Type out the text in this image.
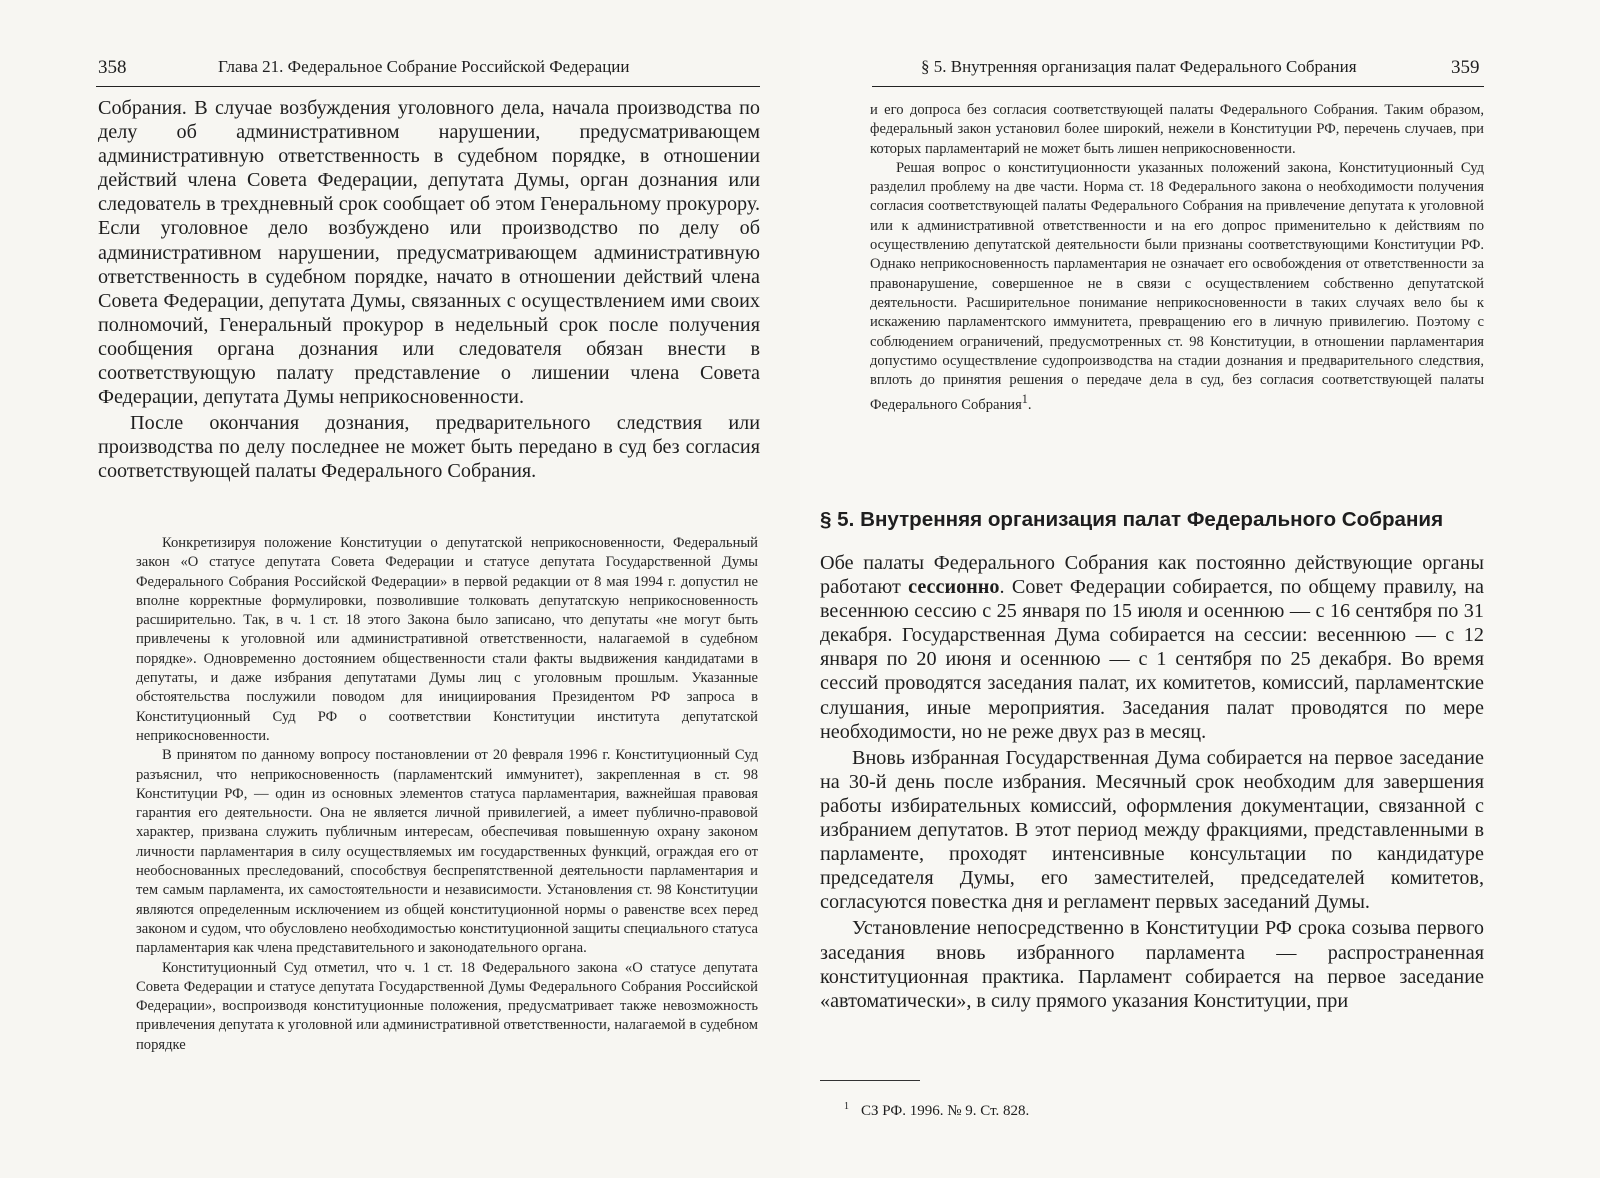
358	Глава 21. Федеральное Собрание Российской Федерации

Собрания. В случае возбуждения уголовного дела, начала производства по делу об административном нарушении, предусматривающем административную ответственность в судебном порядке, в отношении действий члена Совета Федерации, депутата Думы, орган дознания или следователь в трехдневный срок сообщает об этом Генеральному прокурору. Если уголовное дело возбуждено или производство по делу об административном нарушении, предусматривающем административную ответственность в судебном порядке, начато в отношении действий члена Совета Федерации, депутата Думы, связанных с осуществлением ими своих полномочий, Генеральный прокурор в недельный срок после получения сообщения органа дознания или следователя обязан внести в соответствующую палату представление о лишении члена Совета Федерации, депутата Думы неприкосновенности.

После окончания дознания, предварительного следствия или производства по делу последнее не может быть передано в суд без согласия соответствующей палаты Федерального Собрания.

Конкретизируя положение Конституции о депутатской неприкосновенности, Федеральный закон «О статусе депутата Совета Федерации и статусе депутата Государственной Думы Федерального Собрания Российской Федерации» в первой редакции от 8 мая 1994 г. допустил не вполне корректные формулировки, позволившие толковать депутатскую неприкосновенность расширительно. Так, в ч. 1 ст. 18 этого Закона было записано, что депутаты «не могут быть привлечены к уголовной или административной ответственности, налагаемой в судебном порядке». Одновременно достоянием общественности стали факты выдвижения кандидатами в депутаты, и даже избрания депутатами Думы лиц с уголовным прошлым. Указанные обстоятельства послужили поводом для инициирования Президентом РФ запроса в Конституционный Суд РФ о соответствии Конституции института депутатской неприкосновенности.

В принятом по данному вопросу постановлении от 20 февраля 1996 г. Конституционный Суд разъяснил, что неприкосновенность (парламентский иммунитет), закрепленная в ст. 98 Конституции РФ, — один из основных элементов статуса парламентария, важнейшая правовая гарантия его деятельности. Она не является личной привилегией, а имеет публично-правовой характер, призвана служить публичным интересам, обеспечивая повышенную охрану законом личности парламентария в силу осуществляемых им государственных функций, ограждая его от необоснованных преследований, способствуя беспрепятственной деятельности парламентария и тем самым парламента, их самостоятельности и независимости. Установления ст. 98 Конституции являются определенным исключением из общей конституционной нормы о равенстве всех перед законом и судом, что обусловлено необходимостью конституционной защиты специального статуса парламентария как члена представительного и законодательного органа.

Конституционный Суд отметил, что ч. 1 ст. 18 Федерального закона «О статусе депутата Совета Федерации и статусе депутата Государственной Думы Федерального Собрания Российской Федерации», воспроизводя конституционные положения, предусматривает также невозможность привлечения депутата к уголовной или административной ответственности, налагаемой в судебном порядке

§ 5. Внутренняя организация палат Федерального Собрания	359

и его допроса без согласия соответствующей палаты Федерального Собрания. Таким образом, федеральный закон установил более широкий, нежели в Конституции РФ, перечень случаев, при которых парламентарий не может быть лишен неприкосновенности.

Решая вопрос о конституционности указанных положений закона, Конституционный Суд разделил проблему на две части. Норма ст. 18 Федерального закона о необходимости получения согласия соответствующей палаты Федерального Собрания на привлечение депутата к уголовной или к административной ответственности и на его допрос применительно к действиям по осуществлению депутатской деятельности были признаны соответствующими Конституции РФ. Однако неприкосновенность парламентария не означает его освобождения от ответственности за правонарушение, совершенное не в связи с осуществлением собственно депутатской деятельности. Расширительное понимание неприкосновенности в таких случаях вело бы к искажению парламентского иммунитета, превращению его в личную привилегию. Поэтому с соблюдением ограничений, предусмотренных ст. 98 Конституции, в отношении парламентария допустимо осуществление судопроизводства на стадии дознания и предварительного следствия, вплоть до принятия решения о передаче дела в суд, без согласия соответствующей палаты Федерального Собрания$^1$.

§ 5. Внутренняя организация палат Федерального Собрания

Обе палаты Федерального Собрания как постоянно действующие органы работают сессионно. Совет Федерации собирается, по общему правилу, на весеннюю сессию с 25 января по 15 июля и осеннюю — с 16 сентября по 31 декабря. Государственная Дума собирается на сессии: весеннюю — с 12 января по 20 июня и осеннюю — с 1 сентября по 25 декабря. Во время сессий проводятся заседания палат, их комитетов, комиссий, парламентские слушания, иные мероприятия. Заседания палат проводятся по мере необходимости, но не реже двух раз в месяц.

Вновь избранная Государственная Дума собирается на первое заседание на 30-й день после избрания. Месячный срок необходим для завершения работы избирательных комиссий, оформления документации, связанной с избранием депутатов. В этот период между фракциями, представленными в парламенте, проходят интенсивные консультации по кандидатуре председателя Думы, его заместителей, председателей комитетов, согласуются повестка дня и регламент первых заседаний Думы.

Установление непосредственно в Конституции РФ срока созыва первого заседания вновь избранного парламента — распространенная конституционная практика. Парламент собирается на первое заседание «автоматически», в силу прямого указания Конституции, при

$^1$ СЗ РФ. 1996. № 9. Ст. 828.
